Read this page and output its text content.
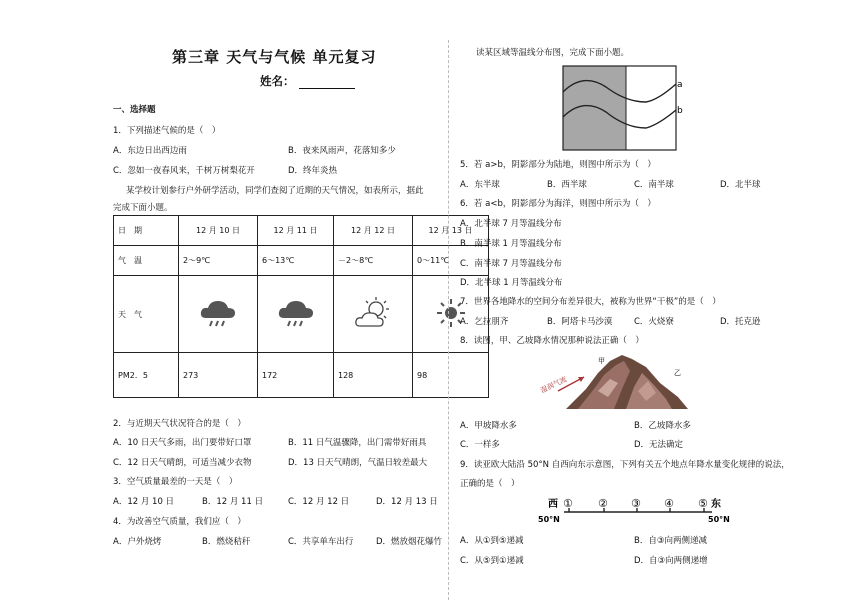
第三章 天气与气候 单元复习
姓名：
一、选择题
1．下列描述气候的是（　）
A．东边日出西边雨	B．夜来风雨声，花落知多少
C．忽如一夜春风来，千树万树梨花开	D．终年炎热
某学校计划参行户外研学活动，同学们查阅了近期的天气情况，如表所示，据此
完成下面小题。
日　期	12 月 10 日	12 月 11 日	12 月 12 日	12 月 13 日
气　温	2～9℃	6～13℃	－2～8℃	0～11℃
天　气				
PM2．5	273	172	128	98
2．与近期天气状况符合的是（　）
A．10 日天气多雨，出门要带好口罩	B．11 日气温骤降，出门需带好雨具
C．12 日天气晴朗，可适当减少衣物	D．13 日天气晴朗，气温日较差最大
3．空气质量最差的一天是（　）
A．12 月 10 日	B．12 月 11 日	C．12 月 12 日	D．12 月 13 日
4．为改善空气质量，我们应（　）
A．户外烧烤	B．燃烧秸秆	C．共享单车出行	D．燃放烟花爆竹
读某区域等温线分布图，完成下面小题。
a
b
5．若 a>b，阴影部分为陆地，则图中所示为（　）
A．东半球	B．西半球	C．南半球	D．北半球
6．若 a<b，阴影部分为海洋，则图中所示为（　）
A．北半球 7 月等温线分布
B．南半球 1 月等温线分布
C．南半球 7 月等温线分布
D．北半球 1 月等温线分布
7．世界各地降水的空间分布差异很大，被称为世界“干极”的是（　）
A．乞拉朋齐	B．阿塔卡马沙漠	C．火烧寮	D．托克逊
8．读图，甲、乙坡降水情况那种说法正确（　）
湿润气流
甲
乙
A．甲坡降水多	B．乙坡降水多
C．一样多	D．无法确定
9．读亚欧大陆沿 50°N 自西向东示意图，下列有关五个地点年降水量变化规律的说法，
正确的是（　）
西 ① ② ③ ④ ⑤ 东
50°N	50°N
A．从①到⑤递减	B．自③向两侧递减
C．从⑤到①递减	D．自③向两侧递增
